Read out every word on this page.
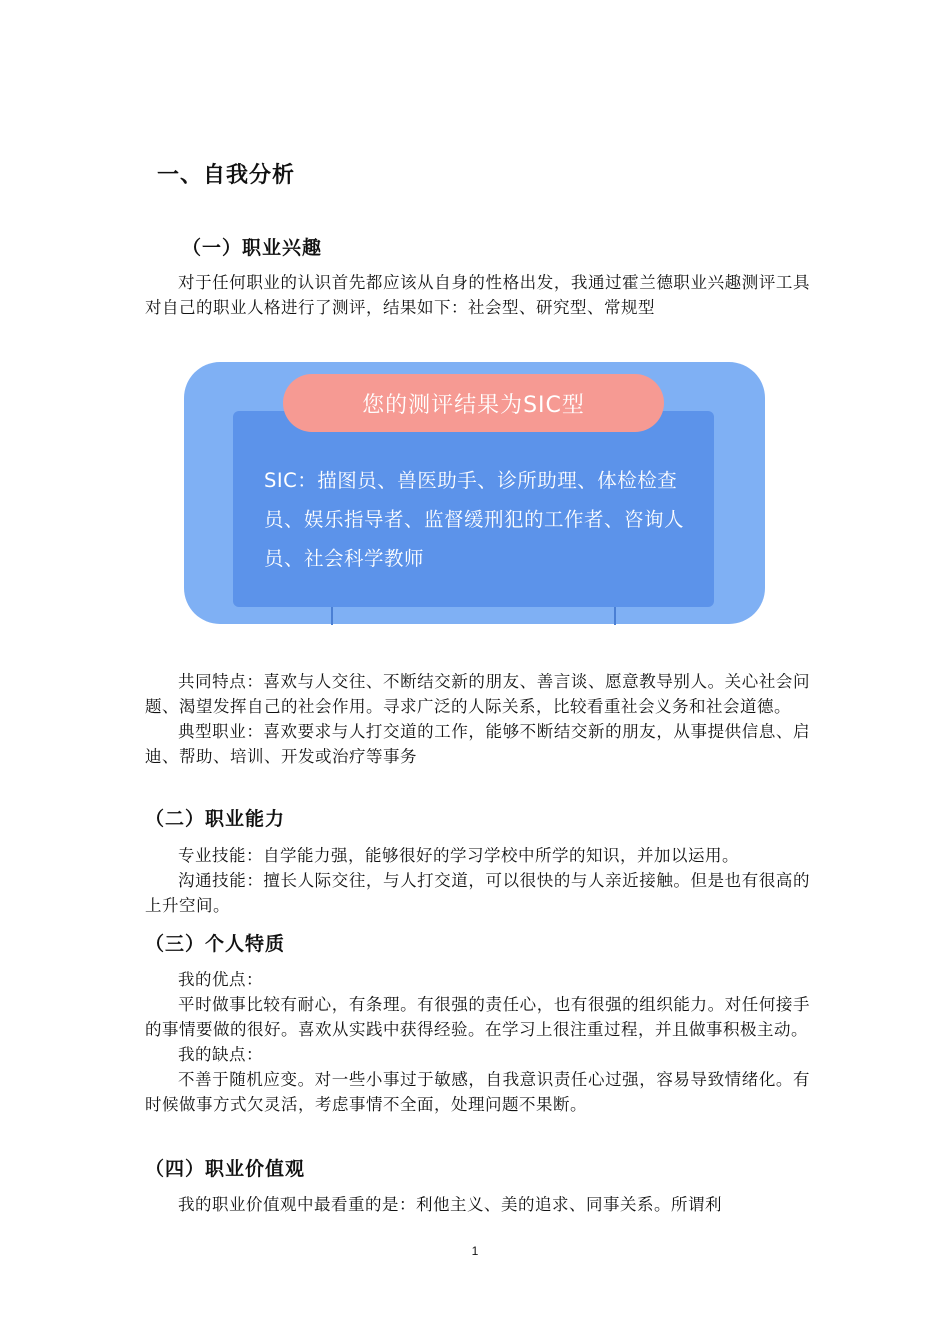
一、自我分析
（一）职业兴趣

对于任何职业的认识首先都应该从自身的性格出发，我通过霍兰德职业兴趣测评工具对自己的职业人格进行了测评，结果如下：社会型、研究型、常规型

您的测评结果为SIC型
SIC：描图员、兽医助手、诊所助理、体检检查员、娱乐指导者、监督缓刑犯的工作者、咨询人员、社会科学教师

共同特点：喜欢与人交往、不断结交新的朋友、善言谈、愿意教导别人。关心社会问题、渴望发挥自己的社会作用。寻求广泛的人际关系，比较看重社会义务和社会道德。

典型职业：喜欢要求与人打交道的工作，能够不断结交新的朋友，从事提供信息、启迪、帮助、培训、开发或治疗等事务

（二）职业能力

专业技能：自学能力强，能够很好的学习学校中所学的知识，并加以运用。

沟通技能：擅长人际交往，与人打交道，可以很快的与人亲近接触。但是也有很高的上升空间。

（三）个人特质

我的优点：

平时做事比较有耐心，有条理。有很强的责任心，也有很强的组织能力。对任何接手的事情要做的很好。喜欢从实践中获得经验。在学习上很注重过程，并且做事积极主动。

我的缺点：

不善于随机应变。对一些小事过于敏感，自我意识责任心过强，容易导致情绪化。有时候做事方式欠灵活，考虑事情不全面，处理问题不果断。

（四）职业价值观

我的职业价值观中最看重的是：利他主义、美的追求、同事关系。所谓利

1
